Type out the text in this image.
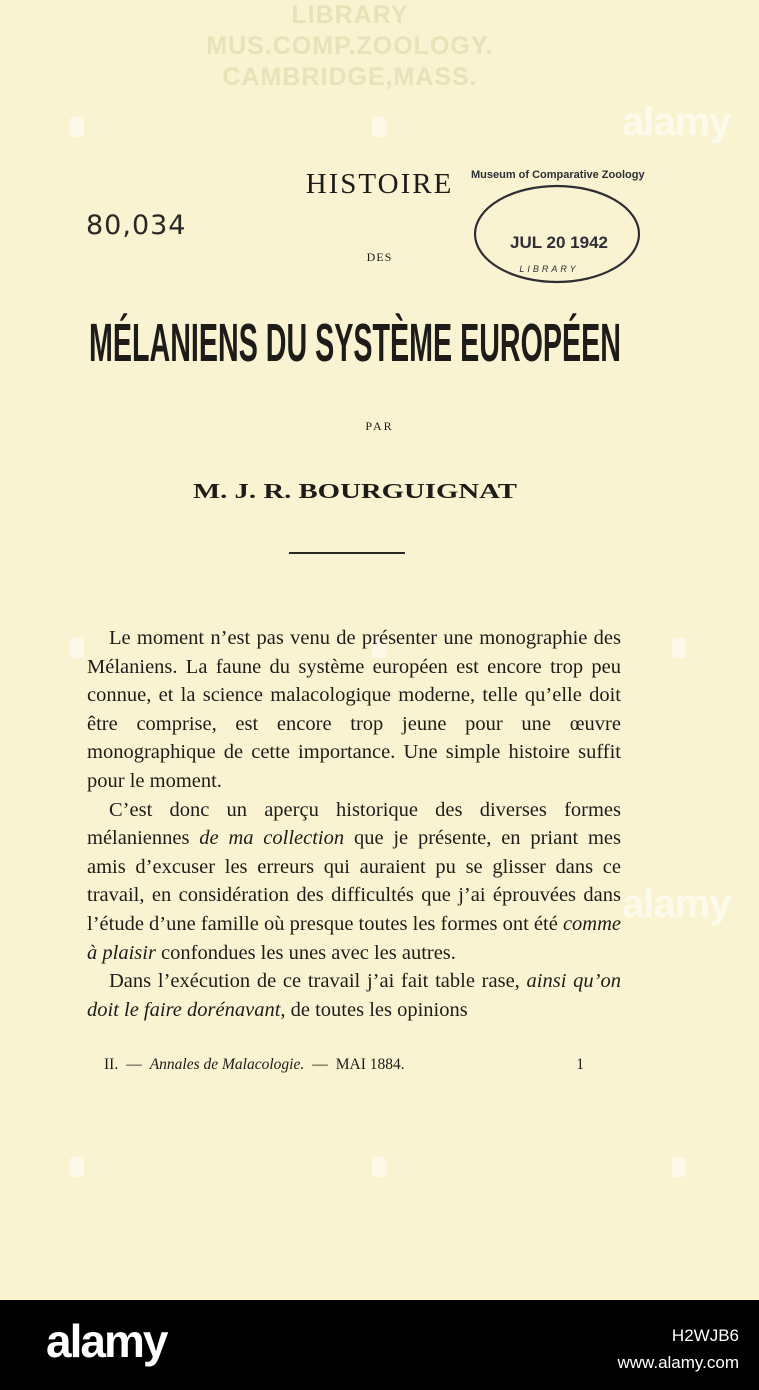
LIBRARY
MUS.COMP.ZOOLOGY.
CAMBRIDGE,MASS.
alamy
alamy
80,034
HISTOIRE
DES
MÉLANIENS DU SYSTÈME EUROPÉEN
PAR
M. J. R. BOURGUIGNAT
Museum of Comparative Zoology
JUL 20 1942
LIBRARY

Le moment n’est pas venu de présenter une monographie des Mélaniens. La faune du système européen est encore trop peu connue, et la science malacologique moderne, telle qu’elle doit être comprise, est encore trop jeune pour une œuvre monographique de cette importance. Une simple histoire suffit pour le moment.

C’est donc un aperçu historique des diverses formes mélaniennes de ma collection que je présente, en priant mes amis d’excuser les erreurs qui auraient pu se glisser dans ce travail, en considération des difficultés que j’ai éprouvées dans l’étude d’une famille où presque toutes les formes ont été comme à plaisir confondues les unes avec les autres.

Dans l’exécution de ce travail j’ai fait table rase, ainsi qu’on doit le faire dorénavant, de toutes les opinions

II. — Annales de Malacologie. — MAI 1884.	1
alamy	H2WJB6
www.alamy.com
